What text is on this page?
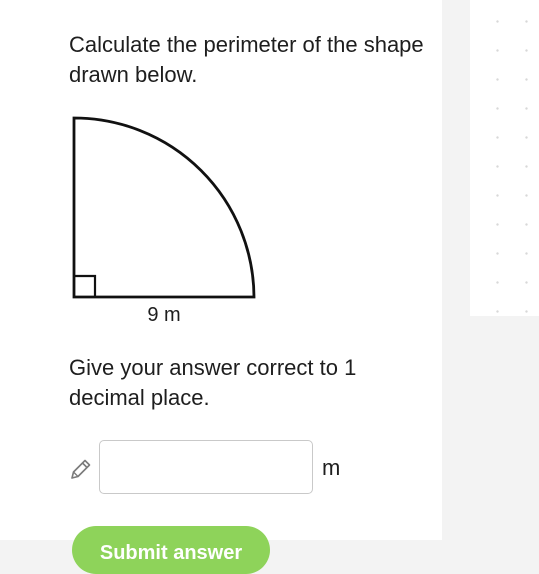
Calculate the perimeter of the shape drawn below.

9 m

Give your answer correct to 1 decimal place.

m
Submit answer
